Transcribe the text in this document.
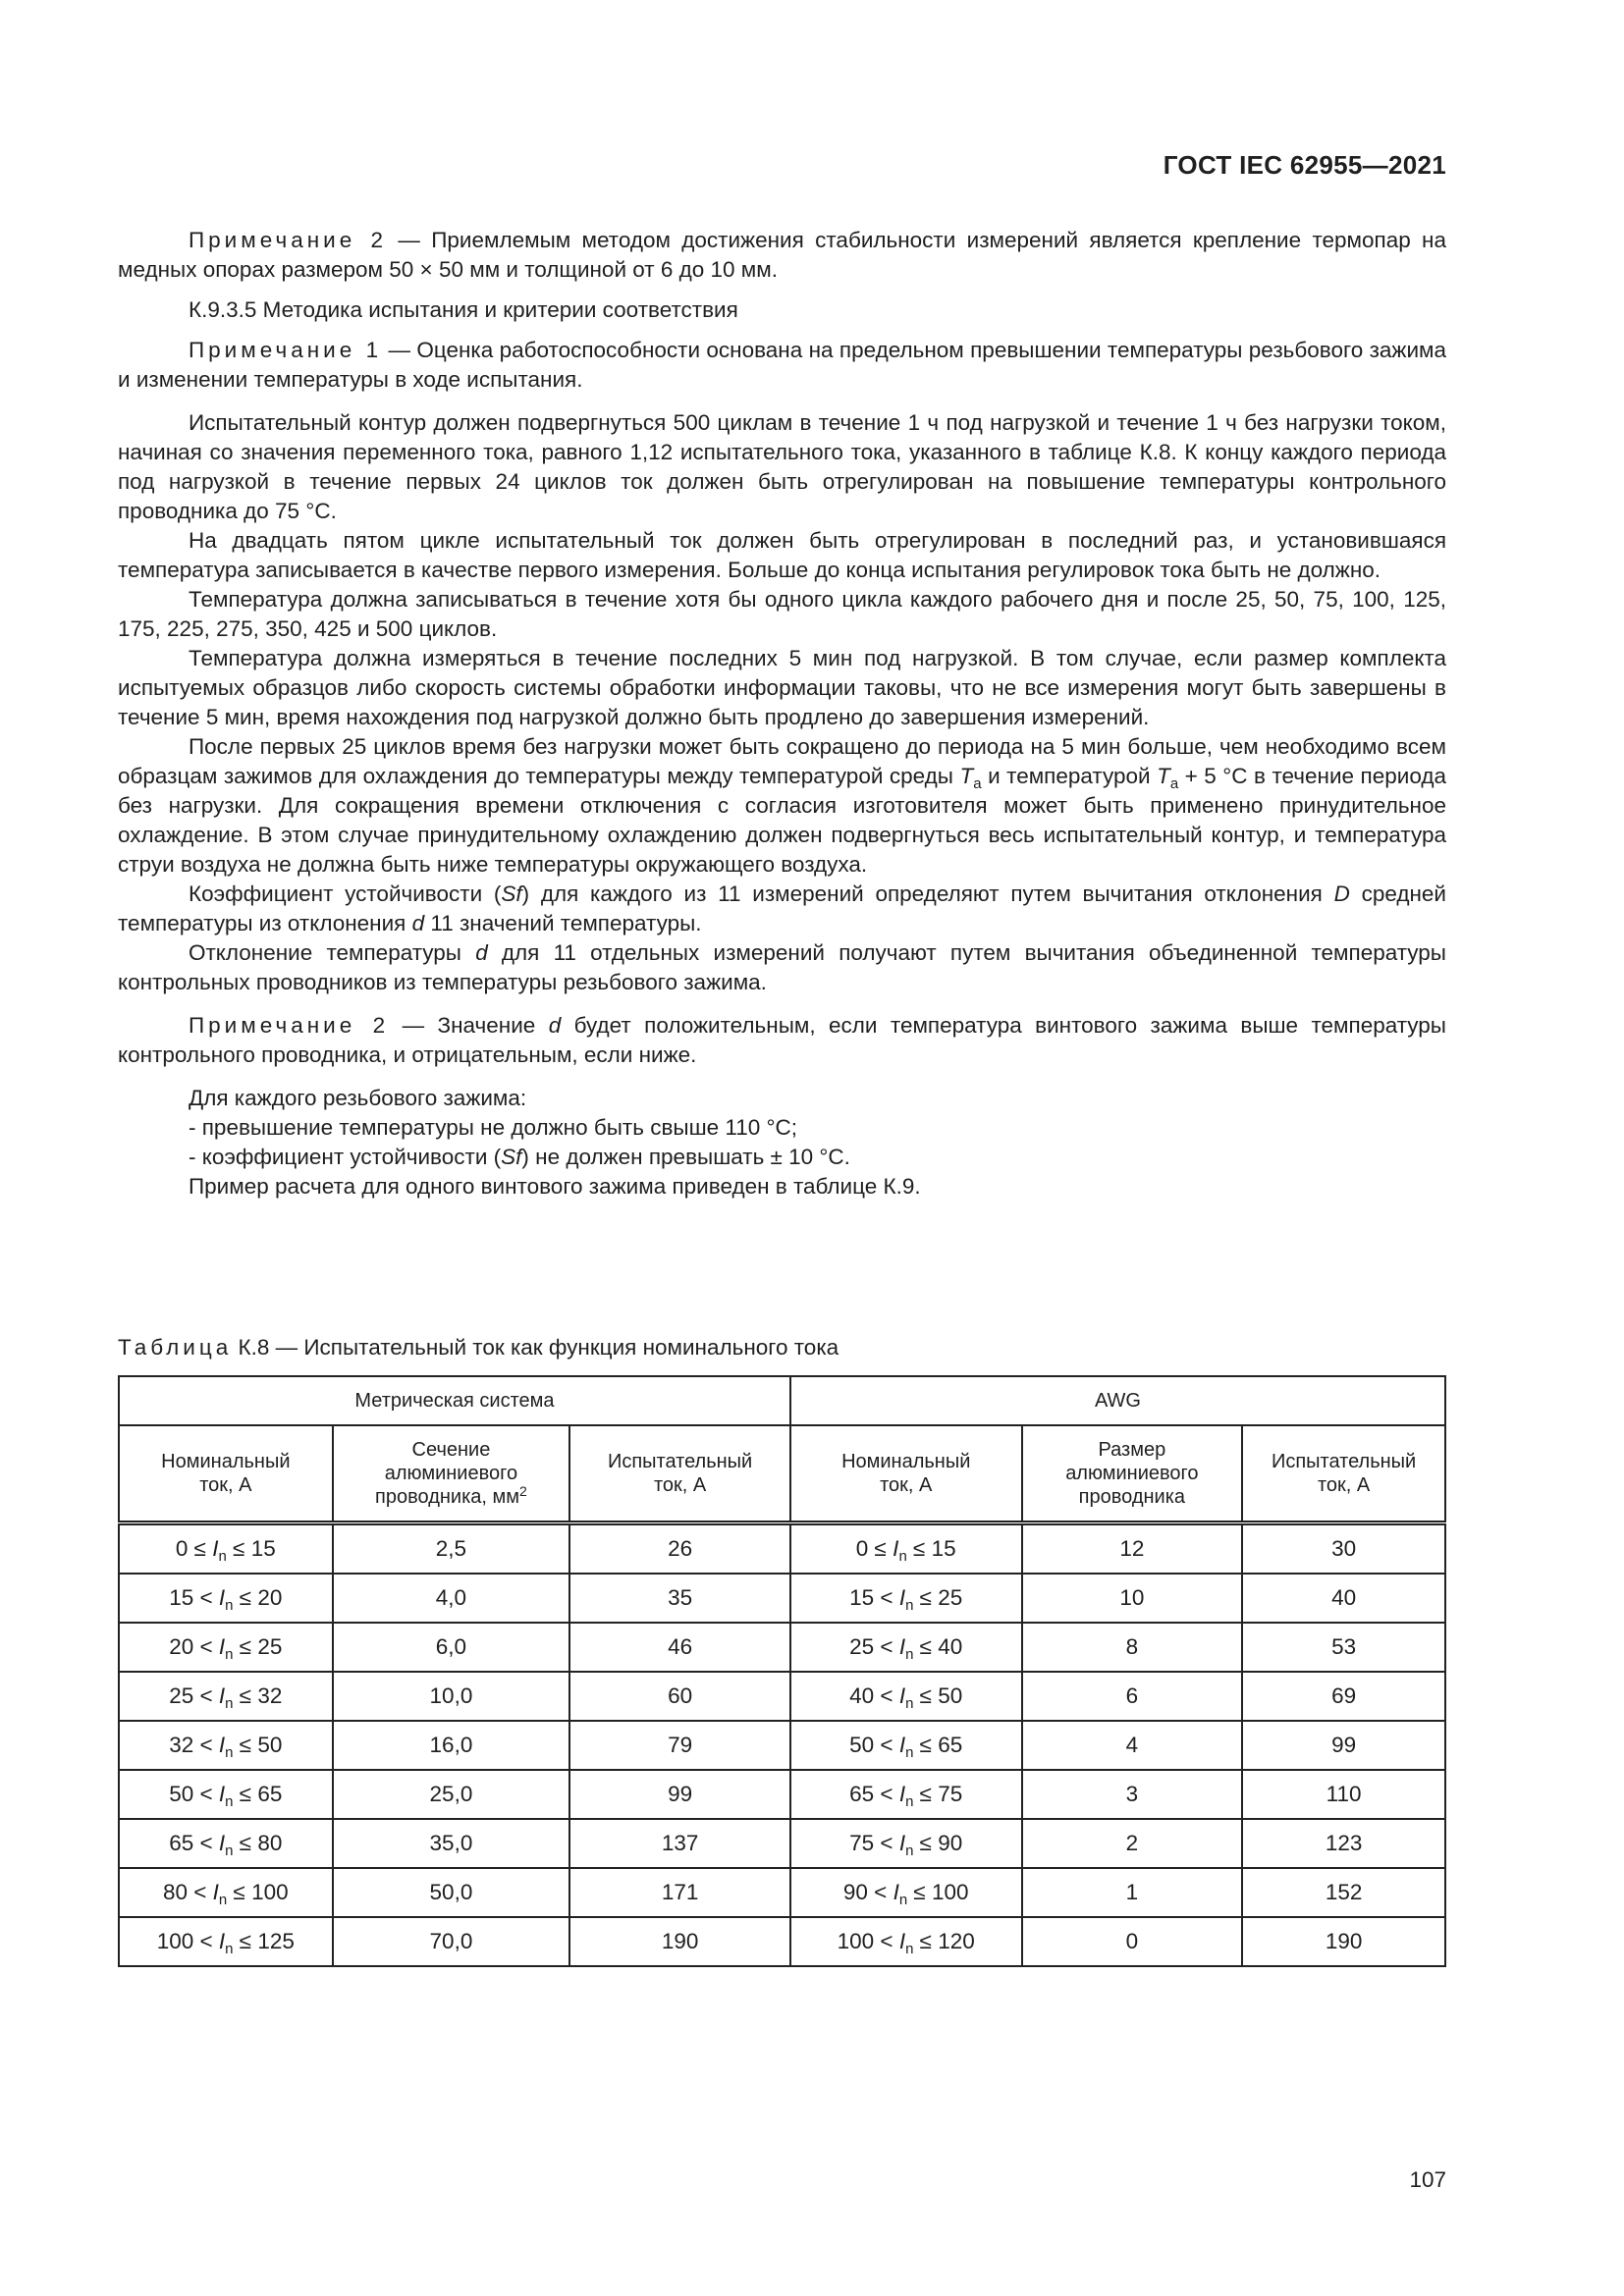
ГОСТ IEC 62955—2021

Примечание 2 — Приемлемым методом достижения стабильности измерений является крепление термопар на медных опорах размером 50 × 50 мм и толщиной от 6 до 10 мм.

К.9.3.5 Методика испытания и критерии соответствия

Примечание 1 — Оценка работоспособности основана на предельном превышении температуры резьбового зажима и изменении температуры в ходе испытания.

Испытательный контур должен подвергнуться 500 циклам в течение 1 ч под нагрузкой и течение 1 ч без нагрузки током, начиная со значения переменного тока, равного 1,12 испытательного тока, указанного в таблице К.8. К концу каждого периода под нагрузкой в течение первых 24 циклов ток должен быть отрегулирован на повышение температуры контрольного проводника до 75 °С.

На двадцать пятом цикле испытательный ток должен быть отрегулирован в последний раз, и установившаяся температура записывается в качестве первого измерения. Больше до конца испытания регулировок тока быть не должно.

Температура должна записываться в течение хотя бы одного цикла каждого рабочего дня и после 25, 50, 75, 100, 125, 175, 225, 275, 350, 425 и 500 циклов.

Температура должна измеряться в течение последних 5 мин под нагрузкой. В том случае, если размер комплекта испытуемых образцов либо скорость системы обработки информации таковы, что не все измерения могут быть завершены в течение 5 мин, время нахождения под нагрузкой должно быть продлено до завершения измерений.

После первых 25 циклов время без нагрузки может быть сокращено до периода на 5 мин больше, чем необходимо всем образцам зажимов для охлаждения до температуры между температурой среды $T_a$ и температурой $T_a + 5$ °С в течение периода без нагрузки. Для сокращения времени отключения с согласия изготовителя может быть применено принудительное охлаждение. В этом случае принудительному охлаждению должен подвергнуться весь испытательный контур, и температура струи воздуха не должна быть ниже температуры окружающего воздуха.

Коэффициент устойчивости (Sf) для каждого из 11 измерений определяют путем вычитания отклонения D средней температуры из отклонения d 11 значений температуры.

Отклонение температуры d для 11 отдельных измерений получают путем вычитания объединенной температуры контрольных проводников из температуры резьбового зажима.

Примечание 2 — Значение d будет положительным, если температура винтового зажима выше температуры контрольного проводника, и отрицательным, если ниже.

Для каждого резьбового зажима:

- превышение температуры не должно быть свыше 110 °С;

- коэффициент устойчивости (Sf) не должен превышать ± 10 °С.

Пример расчета для одного винтового зажима приведен в таблице К.9.

Таблица К.8 — Испытательный ток как функция номинального тока
Метрическая система			AWG		
Номинальный
ток, А	Сечение
алюминиевого
проводника, $мм^2$	Испытательный
ток, А	Номинальный
ток, А	Размер
алюминиевого
проводника	Испытательный
ток, А
$0 \le I_n \le 15$	2,5	26	$0 \le I_n \le 15$	12	30
$15 < I_n \le 20$	4,0	35	$15 < I_n \le 25$	10	40
$20 < I_n \le 25$	6,0	46	$25 < I_n \le 40$	8	53
$25 < I_n \le 32$	10,0	60	$40 < I_n \le 50$	6	69
$32 < I_n \le 50$	16,0	79	$50 < I_n \le 65$	4	99
$50 < I_n \le 65$	25,0	99	$65 < I_n \le 75$	3	110
$65 < I_n \le 80$	35,0	137	$75 < I_n \le 90$	2	123
$80 < I_n \le 100$	50,0	171	$90 < I_n \le 100$	1	152
$100 < I_n \le 125$	70,0	190	$100 < I_n \le 120$	0	190
107
